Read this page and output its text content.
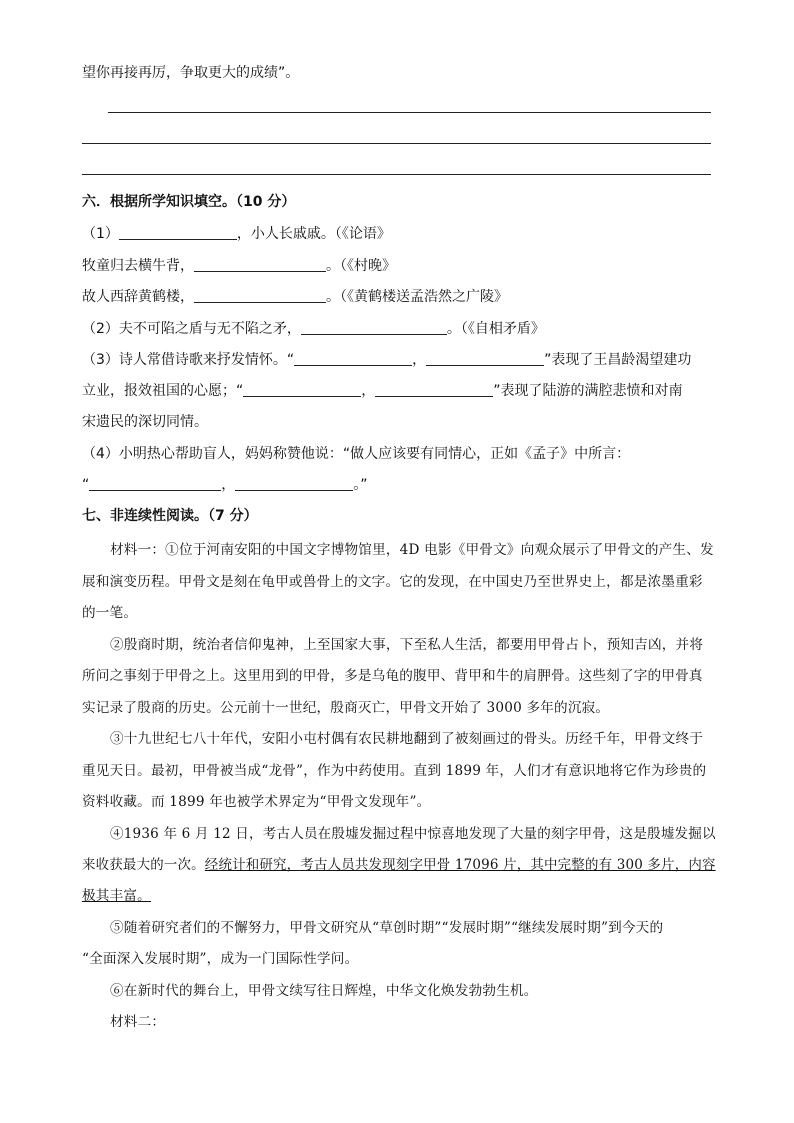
望你再接再厉，争取更大的成绩”。
六．根据所学知识填空。（10 分）
（1）	，小人长戚戚。（《论语》
牧童归去横牛背，	。（《村晚》
故人西辞黄鹤楼，	。（《黄鹤楼送孟浩然之广陵》
（2）夫不可陷之盾与无不陷之矛，	。（《自相矛盾》
（3）诗人常借诗歌来抒发情怀。“	，	”表现了王昌龄渴望建功
立业，报效祖国的心愿；“	，	”表现了陆游的满腔悲愤和对南
宋遗民的深切同情。
（4）小明热心帮助盲人，妈妈称赞他说：“做人应该要有同情心，正如《孟子》中所言：
“	，	。”
七、非连续性阅读。（7 分）
材料一：①位于河南安阳的中国文字博物馆里，4D 电影《甲骨文》向观众展示了甲骨文的产生、发
展和演变历程。甲骨文是刻在龟甲或兽骨上的文字。它的发现，在中国史乃至世界史上，都是浓墨重彩
的一笔。
②殷商时期，统治者信仰鬼神，上至国家大事，下至私人生活，都要用甲骨占卜，预知吉凶，并将
所问之事刻于甲骨之上。这里用到的甲骨，多是乌龟的腹甲、背甲和牛的肩胛骨。这些刻了字的甲骨真
实记录了殷商的历史。公元前十一世纪，殷商灭亡，甲骨文开始了 3000 多年的沉寂。
③十九世纪七八十年代，安阳小屯村偶有农民耕地翻到了被刻画过的骨头。历经千年，甲骨文终于
重见天日。最初，甲骨被当成“龙骨”，作为中药使用。直到 1899 年，人们才有意识地将它作为珍贵的
资料收藏。而 1899 年也被学术界定为“甲骨文发现年”。
④1936 年 6 月 12 日，考古人员在殷墟发掘过程中惊喜地发现了大量的刻字甲骨，这是殷墟发掘以
来收获最大的一次。经统计和研究，考古人员共发现刻字甲骨 17096 片，其中完整的有 300 多片，内容
极其丰富。
⑤随着研究者们的不懈努力，甲骨文研究从“草创时期”“发展时期”“继续发展时期”到今天的
“全面深入发展时期”，成为一门国际性学问。
⑥在新时代的舞台上，甲骨文续写往日辉煌，中华文化焕发勃勃生机。
材料二：
